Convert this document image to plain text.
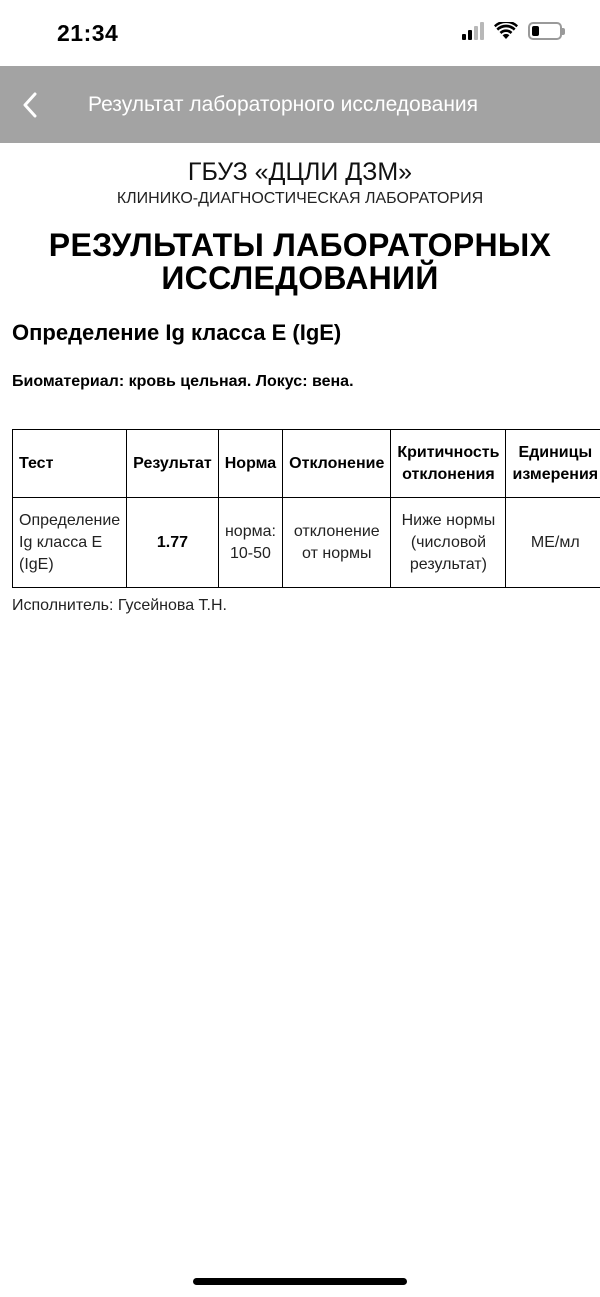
21:34
Результат лабораторного исследования
ГБУЗ «ДЦЛИ ДЗМ»
КЛИНИКО-ДИАГНОСТИЧЕСКАЯ ЛАБОРАТОРИЯ
РЕЗУЛЬТАТЫ ЛАБОРАТОРНЫХ
ИССЛЕДОВАНИЙ
Определение Ig класса E (IgE)
Биоматериал: кровь цельная. Локус: вена.
Тест	Результат	Норма	Отклонение	Критичность отклонения	Единицы измерения
Определение Ig класса E (IgE)	1.77	норма: 10-50	отклонение от нормы	Ниже нормы (числовой результат)	МЕ/мл
Исполнитель: Гусейнова Т.Н.
